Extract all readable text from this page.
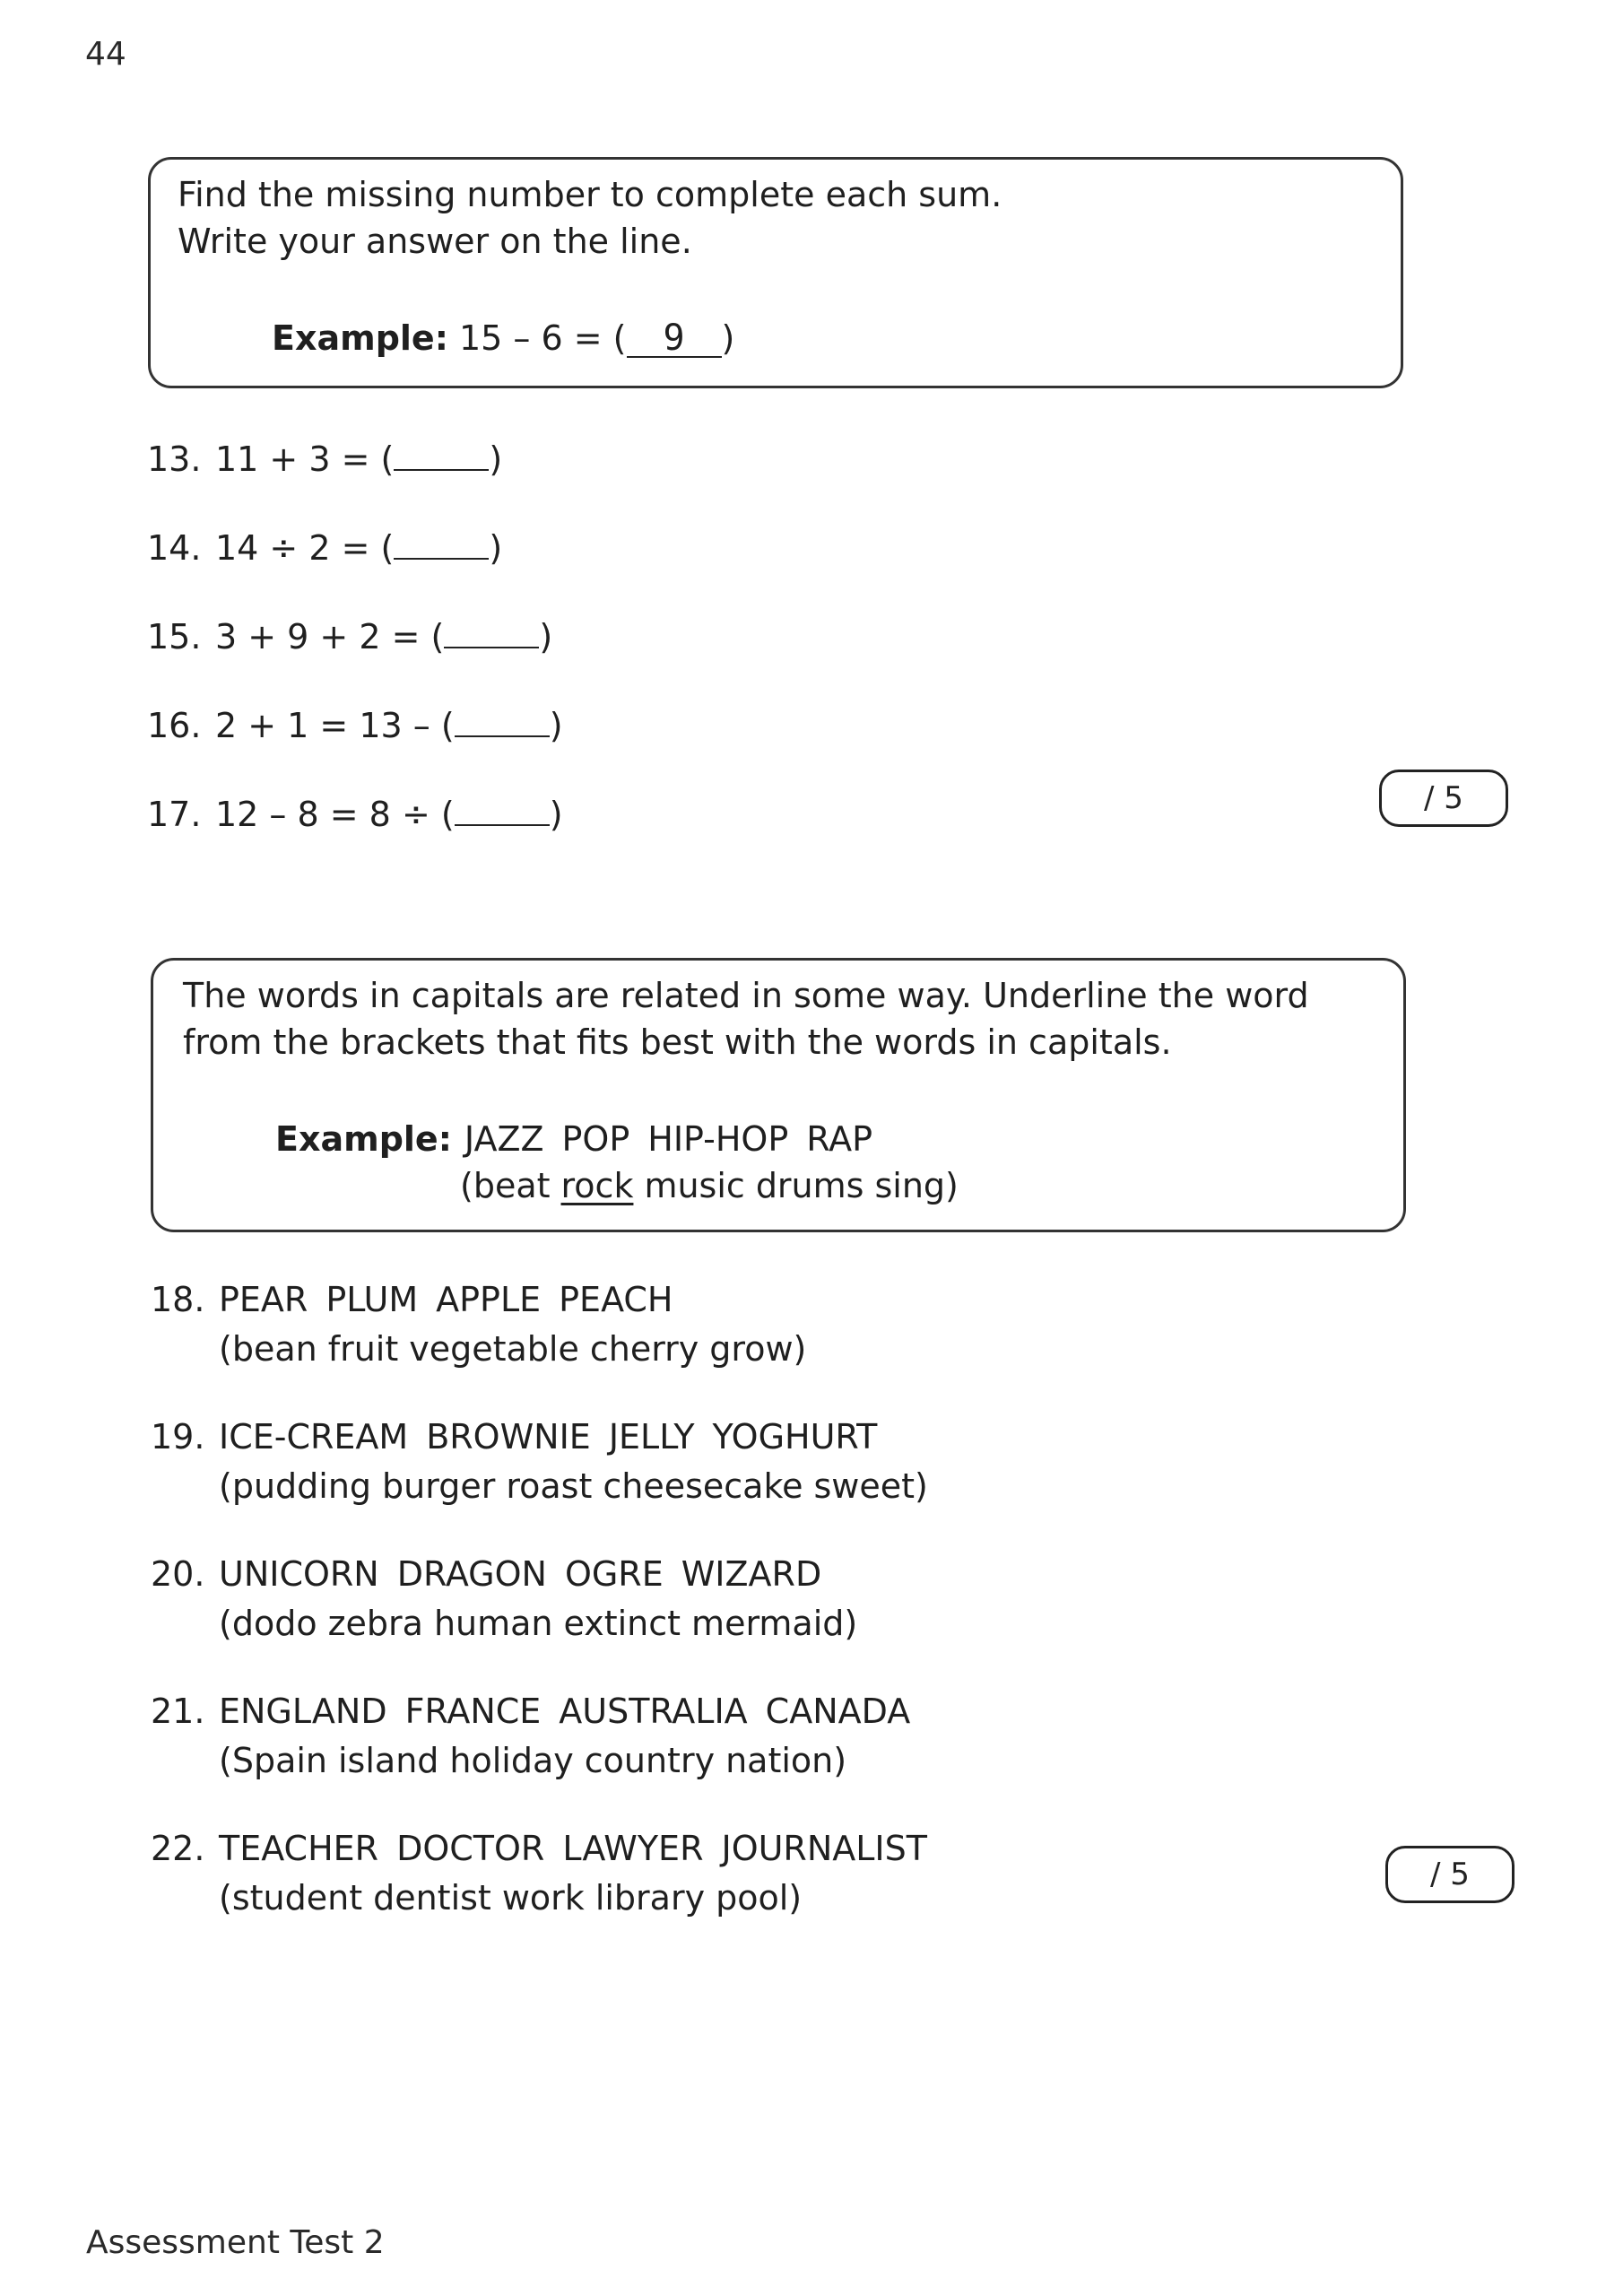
44
Find the missing number to complete each sum.
Write your answer on the line.
Example: 15 – 6 = ( 9 )
13. 11 + 3 = (	)
14. 14 ÷ 2 = (	)
15. 3 + 9 + 2 = (	)
16. 2 + 1 = 13 – (	)
17. 12 – 8 = 8 ÷ (	)	/ 5
The words in capitals are related in some way. Underline the word
from the brackets that fits best with the words in capitals.
Example: JAZZ POP HIP-HOP RAP
(beat rock music drums sing)
18. PEAR PLUM APPLE PEACH
(bean fruit vegetable cherry grow)
19. ICE-CREAM BROWNIE JELLY YOGHURT
(pudding burger roast cheesecake sweet)
20. UNICORN DRAGON OGRE WIZARD
(dodo zebra human extinct mermaid)
21. ENGLAND FRANCE AUSTRALIA CANADA
(Spain island holiday country nation)
22. TEACHER DOCTOR LAWYER JOURNALIST
(student dentist work library pool)
/ 5
Assessment Test 2
